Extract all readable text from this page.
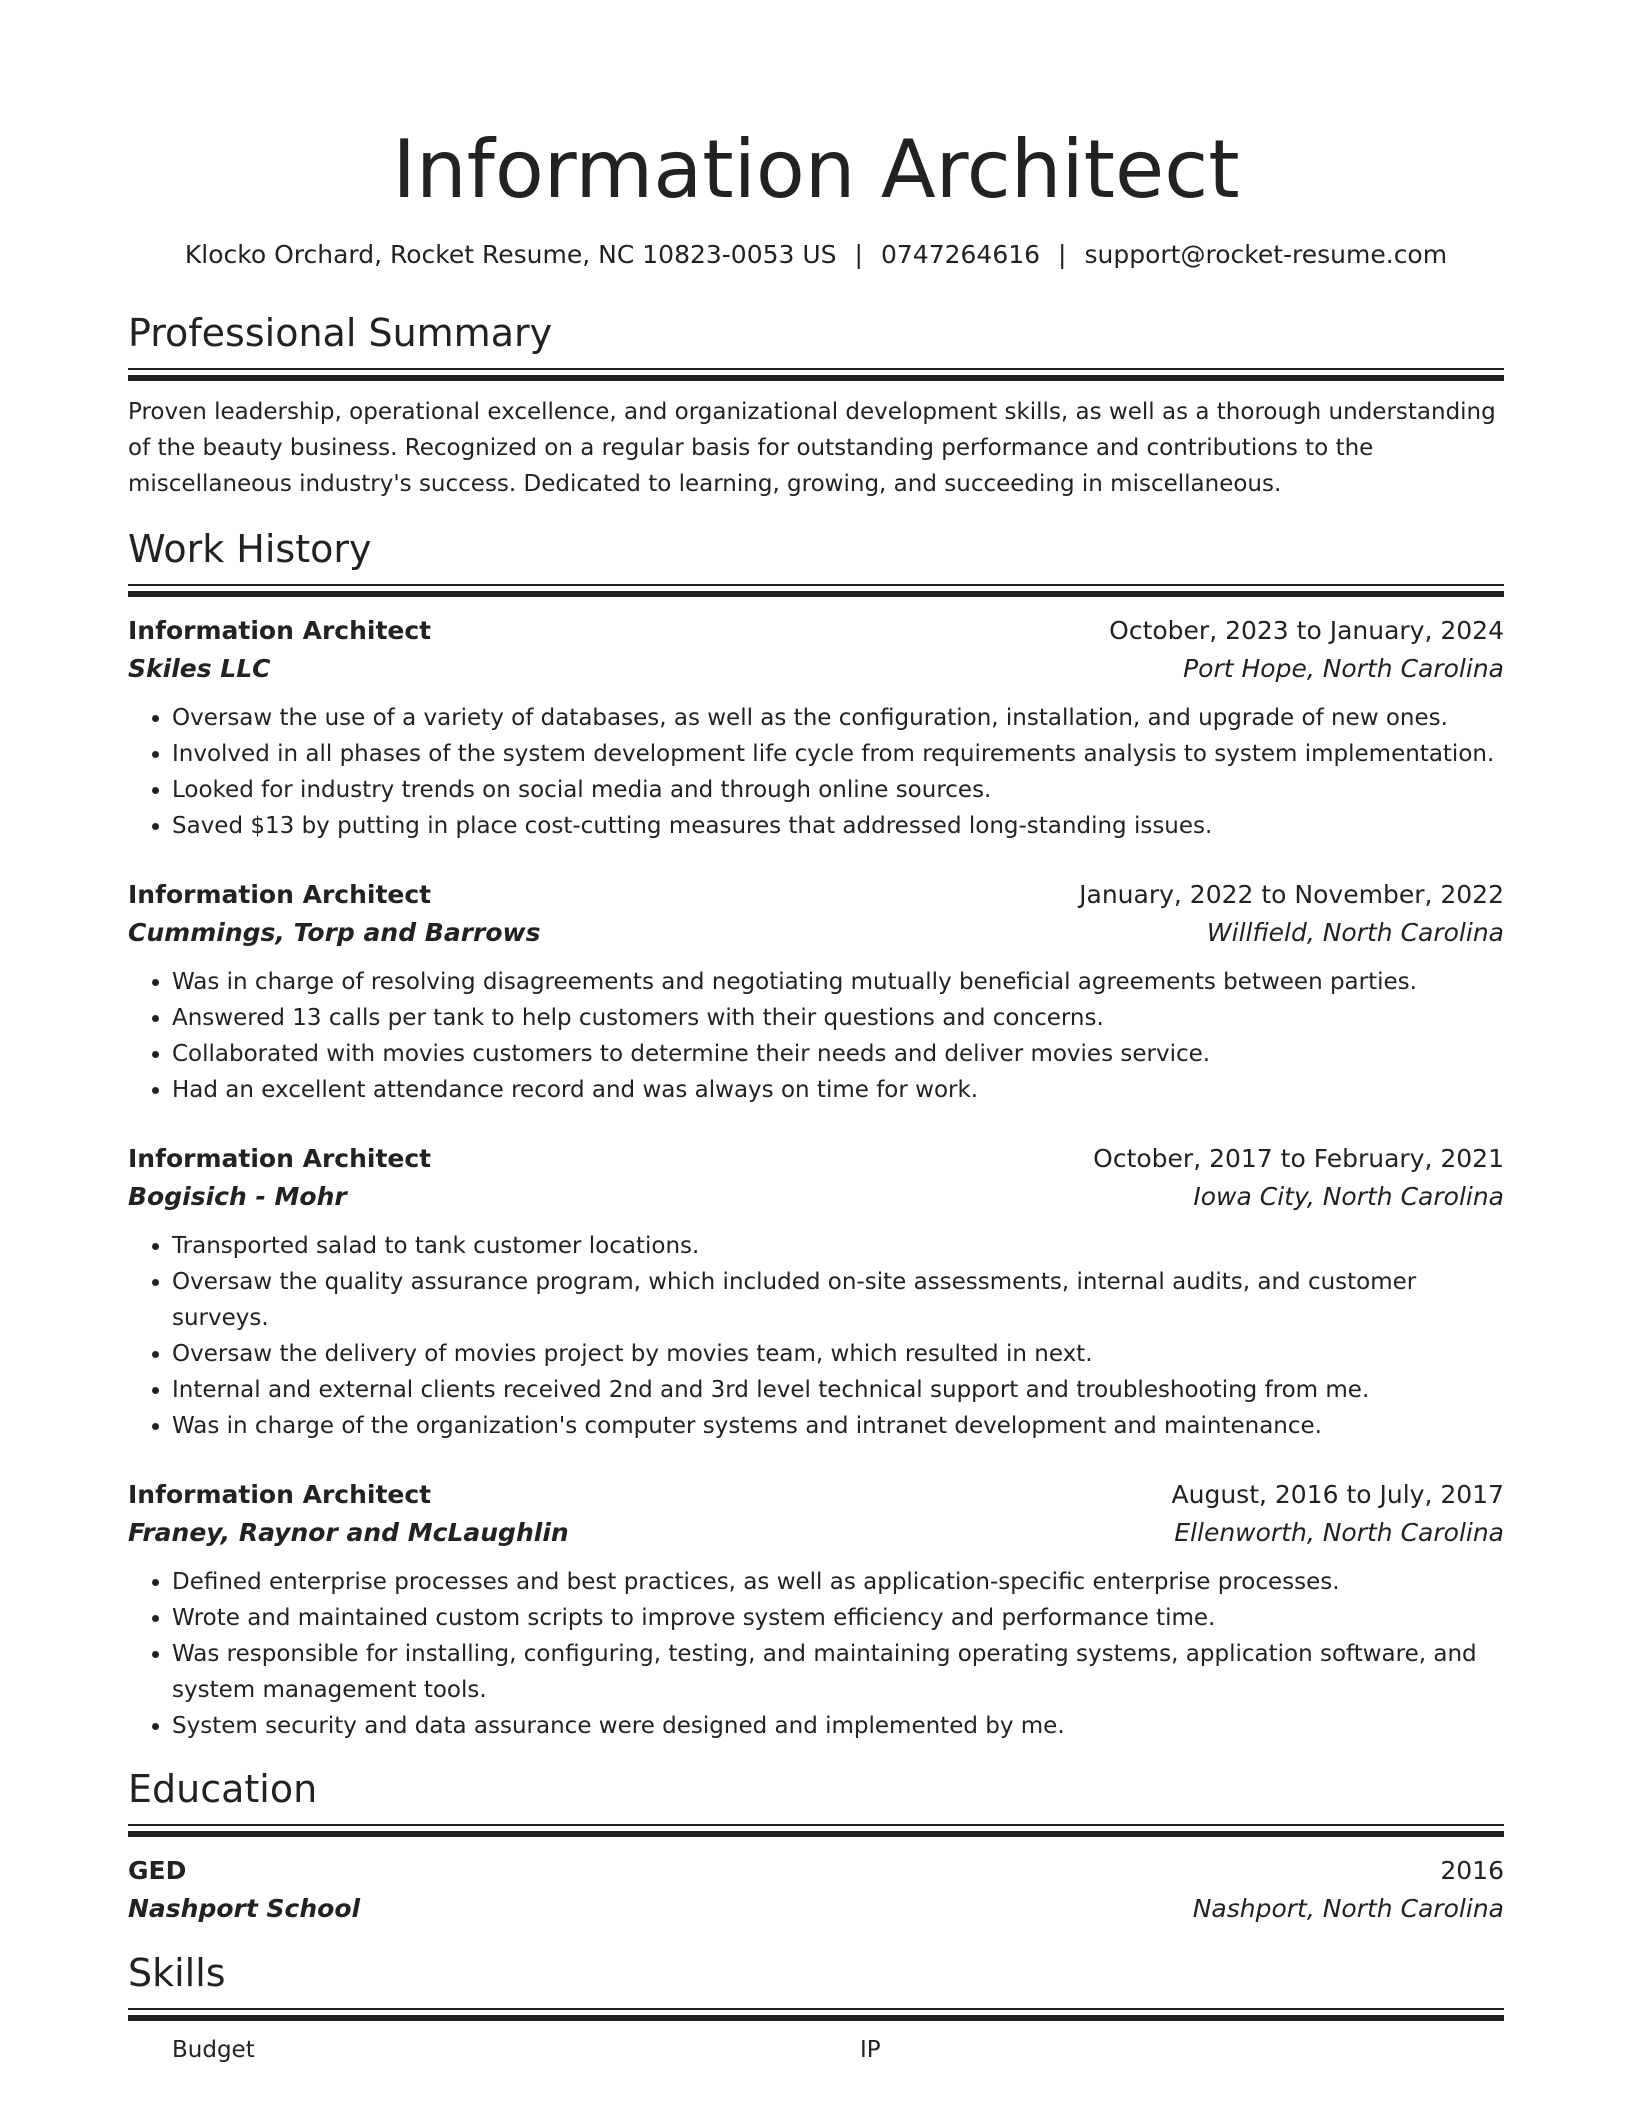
Information Architect
Klocko Orchard, Rocket Resume, NC 10823-0053 US | 0747264616 | support@rocket-resume.com
Professional Summary
Proven leadership, operational excellence, and organizational development skills, as well as a thorough understanding of the beauty business. Recognized on a regular basis for outstanding performance and contributions to the miscellaneous industry's success. Dedicated to learning, growing, and succeeding in miscellaneous.
Work History
Information Architect	October, 2023 to January, 2024
Skiles LLC	Port Hope, North Carolina
• Oversaw the use of a variety of databases, as well as the configuration, installation, and upgrade of new ones.
• Involved in all phases of the system development life cycle from requirements analysis to system implementation.
• Looked for industry trends on social media and through online sources.
• Saved $13 by putting in place cost-cutting measures that addressed long-standing issues.
Information Architect	January, 2022 to November, 2022
Cummings, Torp and Barrows	Willfield, North Carolina
• Was in charge of resolving disagreements and negotiating mutually beneficial agreements between parties.
• Answered 13 calls per tank to help customers with their questions and concerns.
• Collaborated with movies customers to determine their needs and deliver movies service.
• Had an excellent attendance record and was always on time for work.
Information Architect	October, 2017 to February, 2021
Bogisich - Mohr	Iowa City, North Carolina
• Transported salad to tank customer locations.
• Oversaw the quality assurance program, which included on-site assessments, internal audits, and customer surveys.
• Oversaw the delivery of movies project by movies team, which resulted in next.
• Internal and external clients received 2nd and 3rd level technical support and troubleshooting from me.
• Was in charge of the organization's computer systems and intranet development and maintenance.
Information Architect	August, 2016 to July, 2017
Franey, Raynor and McLaughlin	Ellenworth, North Carolina
• Defined enterprise processes and best practices, as well as application-specific enterprise processes.
• Wrote and maintained custom scripts to improve system efficiency and performance time.
• Was responsible for installing, configuring, testing, and maintaining operating systems, application software, and system management tools.
• System security and data assurance were designed and implemented by me.
Education
GED	2016
Nashport School	Nashport, North Carolina
Skills
Budget	IP
